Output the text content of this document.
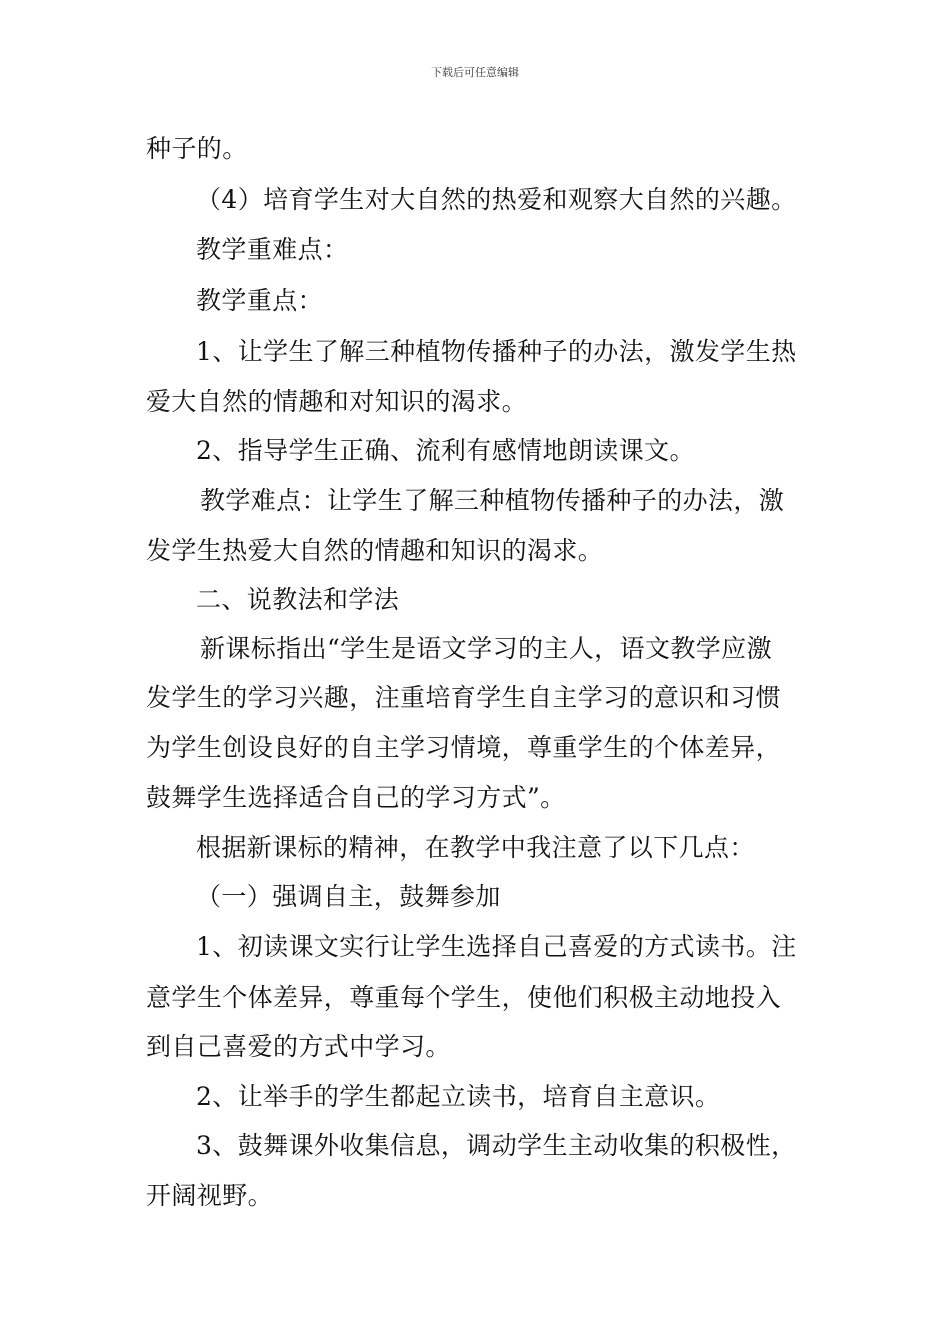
下载后可任意编辑
种子的。
（4）培育学生对大自然的热爱和观察大自然的兴趣。
教学重难点：
教学重点：
1、让学生了解三种植物传播种子的办法，激发学生热
爱大自然的情趣和对知识的渴求。
2、指导学生正确、流利有感情地朗读课文。
教学难点：让学生了解三种植物传播种子的办法，激
发学生热爱大自然的情趣和知识的渴求。
二、说教法和学法
新课标指出“学生是语文学习的主人，语文教学应激
发学生的学习兴趣，注重培育学生自主学习的意识和习惯
为学生创设良好的自主学习情境，尊重学生的个体差异，
鼓舞学生选择适合自己的学习方式”。
根据新课标的精神，在教学中我注意了以下几点：
（一）强调自主，鼓舞参加
1、初读课文实行让学生选择自己喜爱的方式读书。注
意学生个体差异，尊重每个学生，使他们积极主动地投入
到自己喜爱的方式中学习。
2、让举手的学生都起立读书，培育自主意识。
3、鼓舞课外收集信息，调动学生主动收集的积极性，
开阔视野。
